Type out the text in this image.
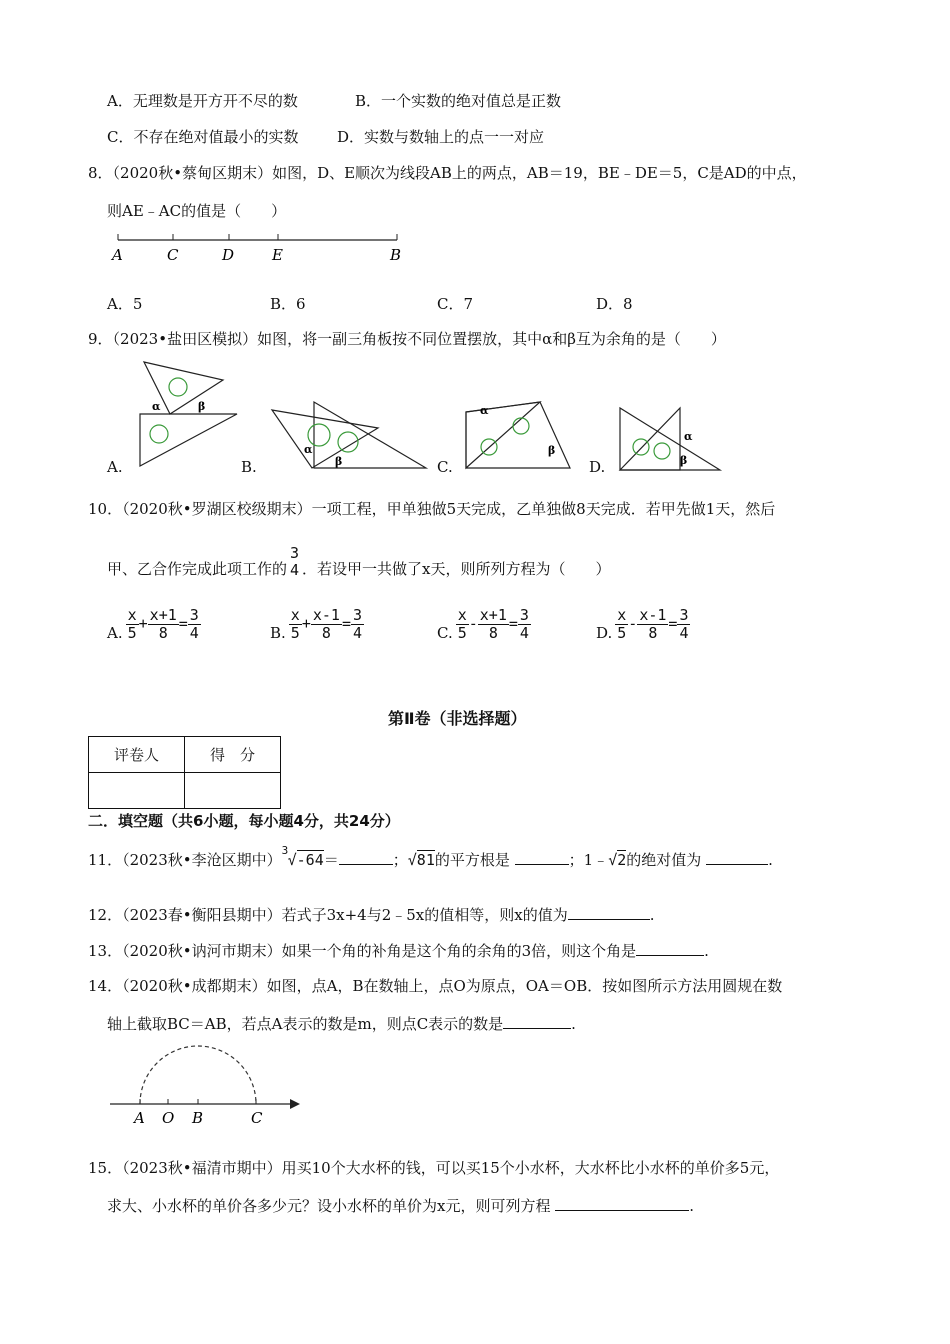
A．无理数是开方开不尽的数	B．一个实数的绝对值总是正数
C．不存在绝对值最小的实数	D．实数与数轴上的点一一对应
8．（2020秋•蔡甸区期末）如图，D、E顺次为线段AB上的两点，AB＝19，BE﹣DE＝5，C是AD的中点，
则AE﹣AC的值是（　　）
A	C	D	E	B
A．5	B．6	C．7	D．8
9．（2023•盐田区模拟）如图，将一副三角板按不同位置摆放，其中α和β互为余角的是（　　）
α	β
A.
α
β
B.
α
β
C.
α
β
D.
10．（2020秋•罗湖区校级期末）一项工程，甲单独做5天完成，乙单独做8天完成．若甲先做1天，然后
甲、乙合作完成此项工作的
3
4 ．若设甲一共做了x天，则所列方程为（　　）
A. $\frac{x}{5} + \frac{x+1}{8} = \frac{3}{4}$	B. $\frac{x}{5} + \frac{x-1}{8} = \frac{3}{4}$	C. $\frac{x}{5} - \frac{x+1}{8} = \frac{3}{4}$	D. $\frac{x}{5} - \frac{x-1}{8} = \frac{3}{4}$
第Ⅱ卷（非选择题）
评卷人	得　分

二．填空题（共6小题，每小题4分，共24分）
11．（2023秋•李沧区期中）
3
√-64＝	；√81的平方根是	；1﹣√2的绝对值为	.
12．（2023春•衡阳县期中）若式子3x+4与2﹣5x的值相等，则x的值为	.
13．（2020秋•讷河市期末）如果一个角的补角是这个角的余角的3倍，则这个角是	.
14．（2020秋•成都期末）如图，点A，B在数轴上，点O为原点，OA＝OB．按如图所示方法用圆规在数
轴上截取BC＝AB，若点A表示的数是m，则点C表示的数是	.
A O B	C
15．（2023秋•福清市期中）用买10个大水杯的钱，可以买15个小水杯，大水杯比小水杯的单价多5元，
求大、小水杯的单价各多少元？设小水杯的单价为x元，则可列方程	.
